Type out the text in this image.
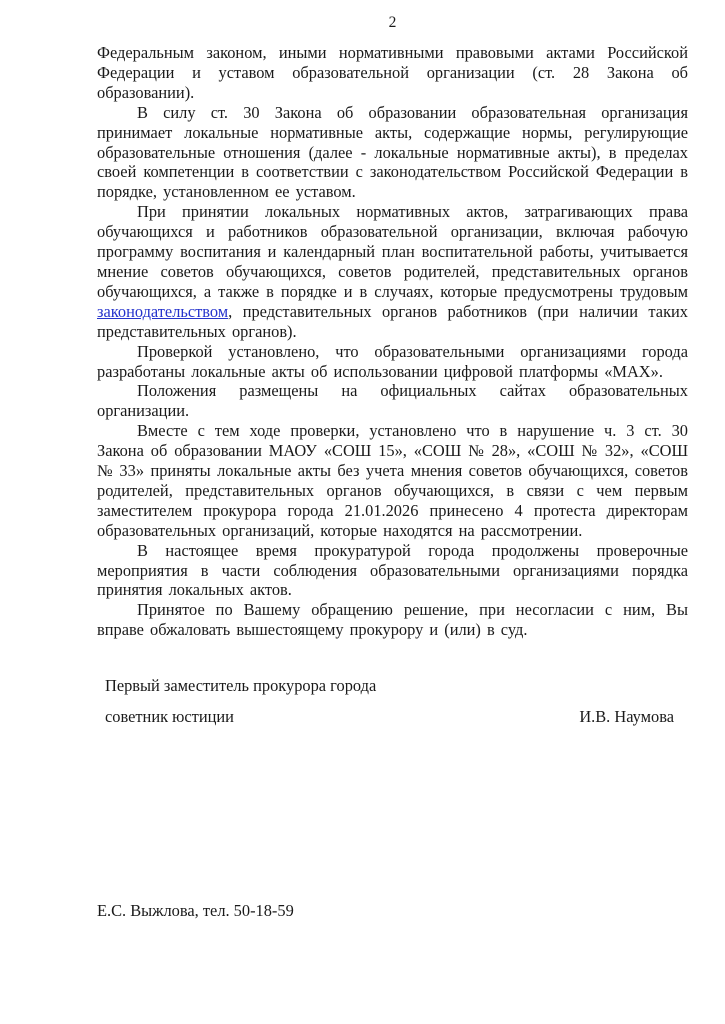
2

Федеральным законом, иными нормативными правовыми актами Российской Федерации и уставом образовательной организации (ст. 28 Закона об образовании).

В силу ст. 30 Закона об образовании образовательная организация принимает локальные нормативные акты, содержащие нормы, регулирующие образовательные отношения (далее - локальные нормативные акты), в пределах своей компетенции в соответствии с законодательством Российской Федерации в порядке, установленном ее уставом.

При принятии локальных нормативных актов, затрагивающих права обучающихся и работников образовательной организации, включая рабочую программу воспитания и календарный план воспитательной работы, учитывается мнение советов обучающихся, советов родителей, представительных органов обучающихся, а также в порядке и в случаях, которые предусмотрены трудовым законодательством, представительных органов работников (при наличии таких представительных органов).

Проверкой установлено, что образовательными организациями города разработаны локальные акты об использовании цифровой платформы «MAX».

Положения размещены на официальных сайтах образовательных организации.

Вместе с тем ходе проверки, установлено что в нарушение ч. 3 ст. 30 Закона об образовании МАОУ «СОШ 15», «СОШ № 28», «СОШ № 32», «СОШ № 33» приняты локальные акты без учета мнения советов обучающихся, советов родителей, представительных органов обучающихся, в связи с чем первым заместителем прокурора города 21.01.2026 принесено 4 протеста директорам образовательных организаций, которые находятся на рассмотрении.

В настоящее время прокуратурой города продолжены проверочные мероприятия в части соблюдения образовательными организациями порядка принятия локальных актов.

Принятое по Вашему обращению решение, при несогласии с ним, Вы вправе обжаловать вышестоящему прокурору и (или) в суд.

Первый заместитель прокурора города
советник юстиции	И.В. Наумова
Е.С. Выжлова, тел. 50-18-59
